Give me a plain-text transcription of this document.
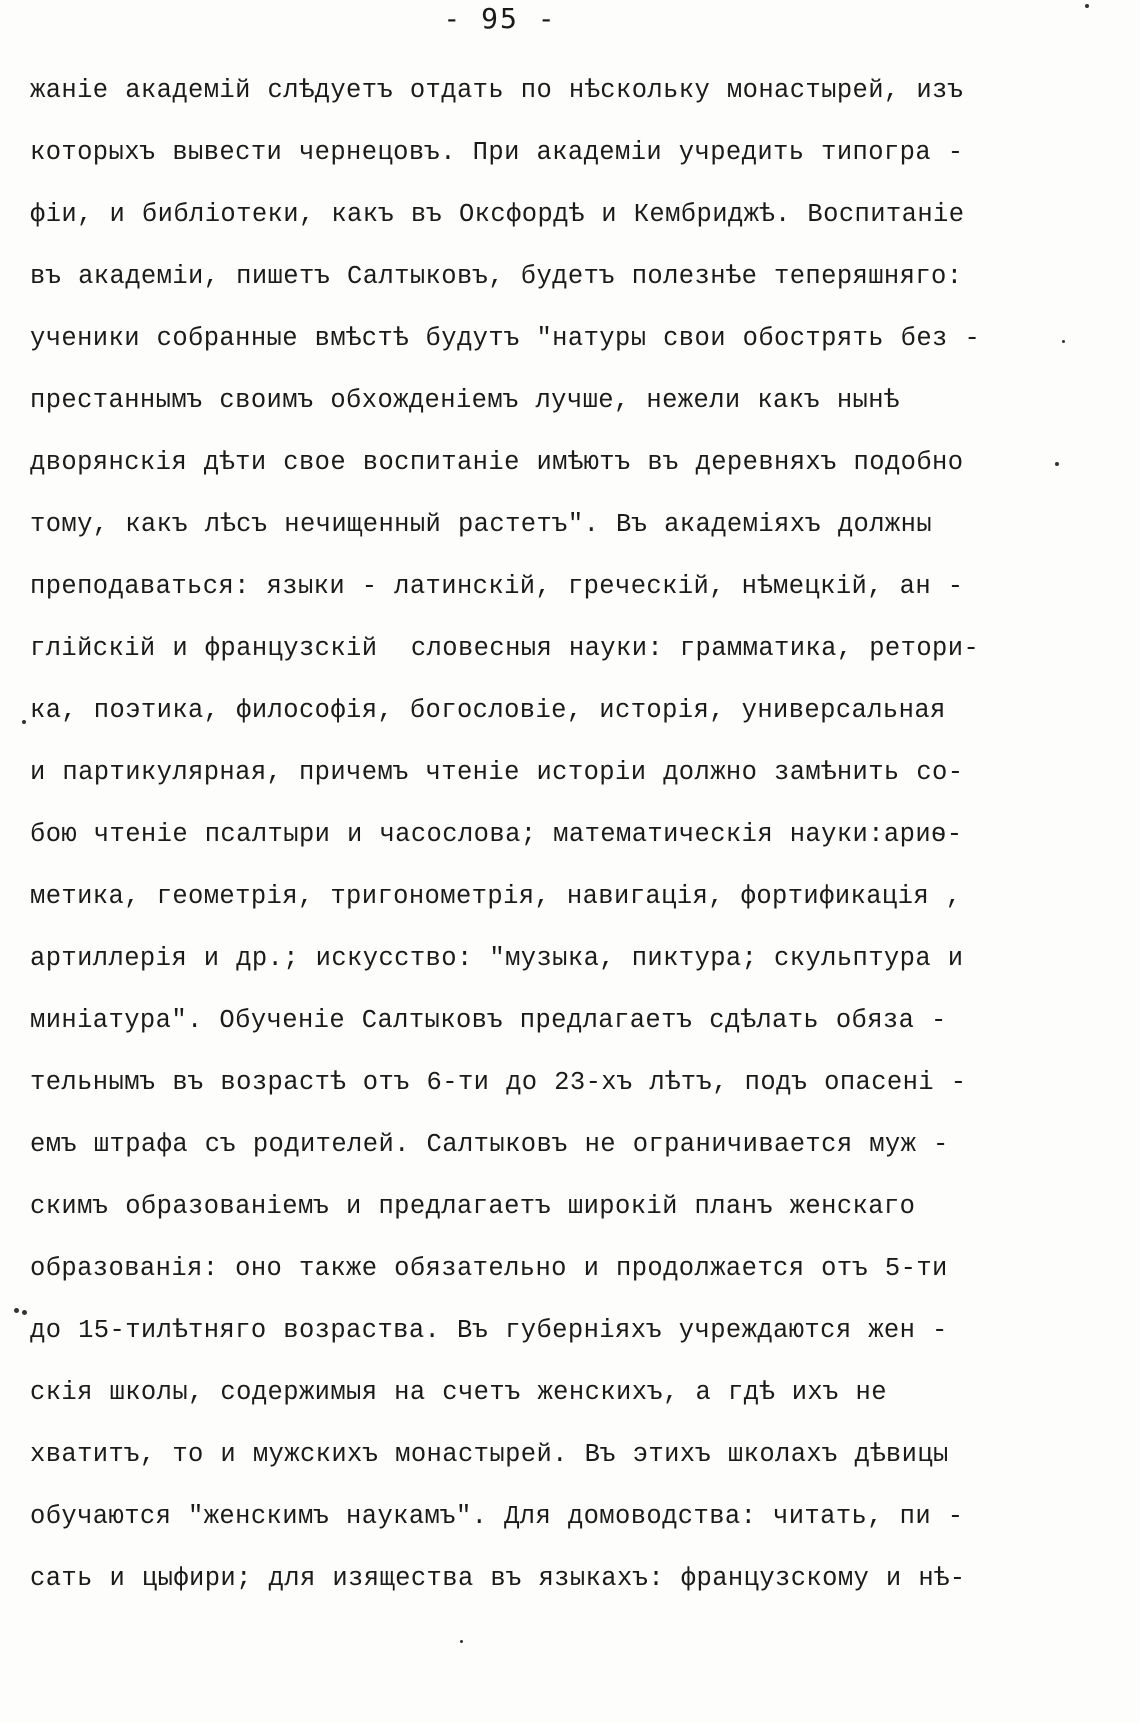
- 95 -
жаніе академій слѣдуетъ отдать по нѣскольку монастырей, изъ
которыхъ вывести чернецовъ. При академіи учредить типогра -
фіи, и библіотеки, какъ въ Оксфордѣ и Кембриджѣ. Воспитаніе
въ академіи, пишетъ Салтыковъ, будетъ полезнѣе теперяшняго:
ученики собранные вмѣстѣ будутъ "натуры свои обострять без -
престаннымъ своимъ обхожденіемъ лучше, нежели какъ нынѣ
дворянскія дѣти свое воспитаніе имѣютъ въ деревняхъ подобно
тому, какъ лѣсъ нечищенный растетъ". Въ академіяхъ должны
преподаваться: языки - латинскій, греческій, нѣмецкій, ан -
глійскій и французскій  словесныя науки: грамматика, ретори-
ка, поэтика, философія, богословіе, исторія, универсальная
и партикулярная, причемъ чтеніе исторіи должно замѣнить со-
бою чтеніе псалтыри и часослова; математическія науки:ариѳ-
метика, геометрія, тригонометрія, навигація, фортификація ,
артиллерія и др.; искусство: "музыка, пиктура; скульптура и
миніатура". Обученіе Салтыковъ предлагаетъ сдѣлать обяза -
тельнымъ въ возрастѣ отъ 6-ти до 23-хъ лѣтъ, подъ опасені -
емъ штрафа съ родителей. Салтыковъ не ограничивается муж -
скимъ образованіемъ и предлагаетъ широкій планъ женскаго
образованія: оно также обязательно и продолжается отъ 5-ти
до 15-тилѣтняго возраства. Въ губерніяхъ учреждаются жен -
скія школы, содержимыя на счетъ женскихъ, а гдѣ ихъ не
хватитъ, то и мужскихъ монастырей. Въ этихъ школахъ дѣвицы
обучаются "женскимъ наукамъ". Для домоводства: читать, пи -
сать и цыфири; для изящества въ языкахъ: французскому и нѣ-
